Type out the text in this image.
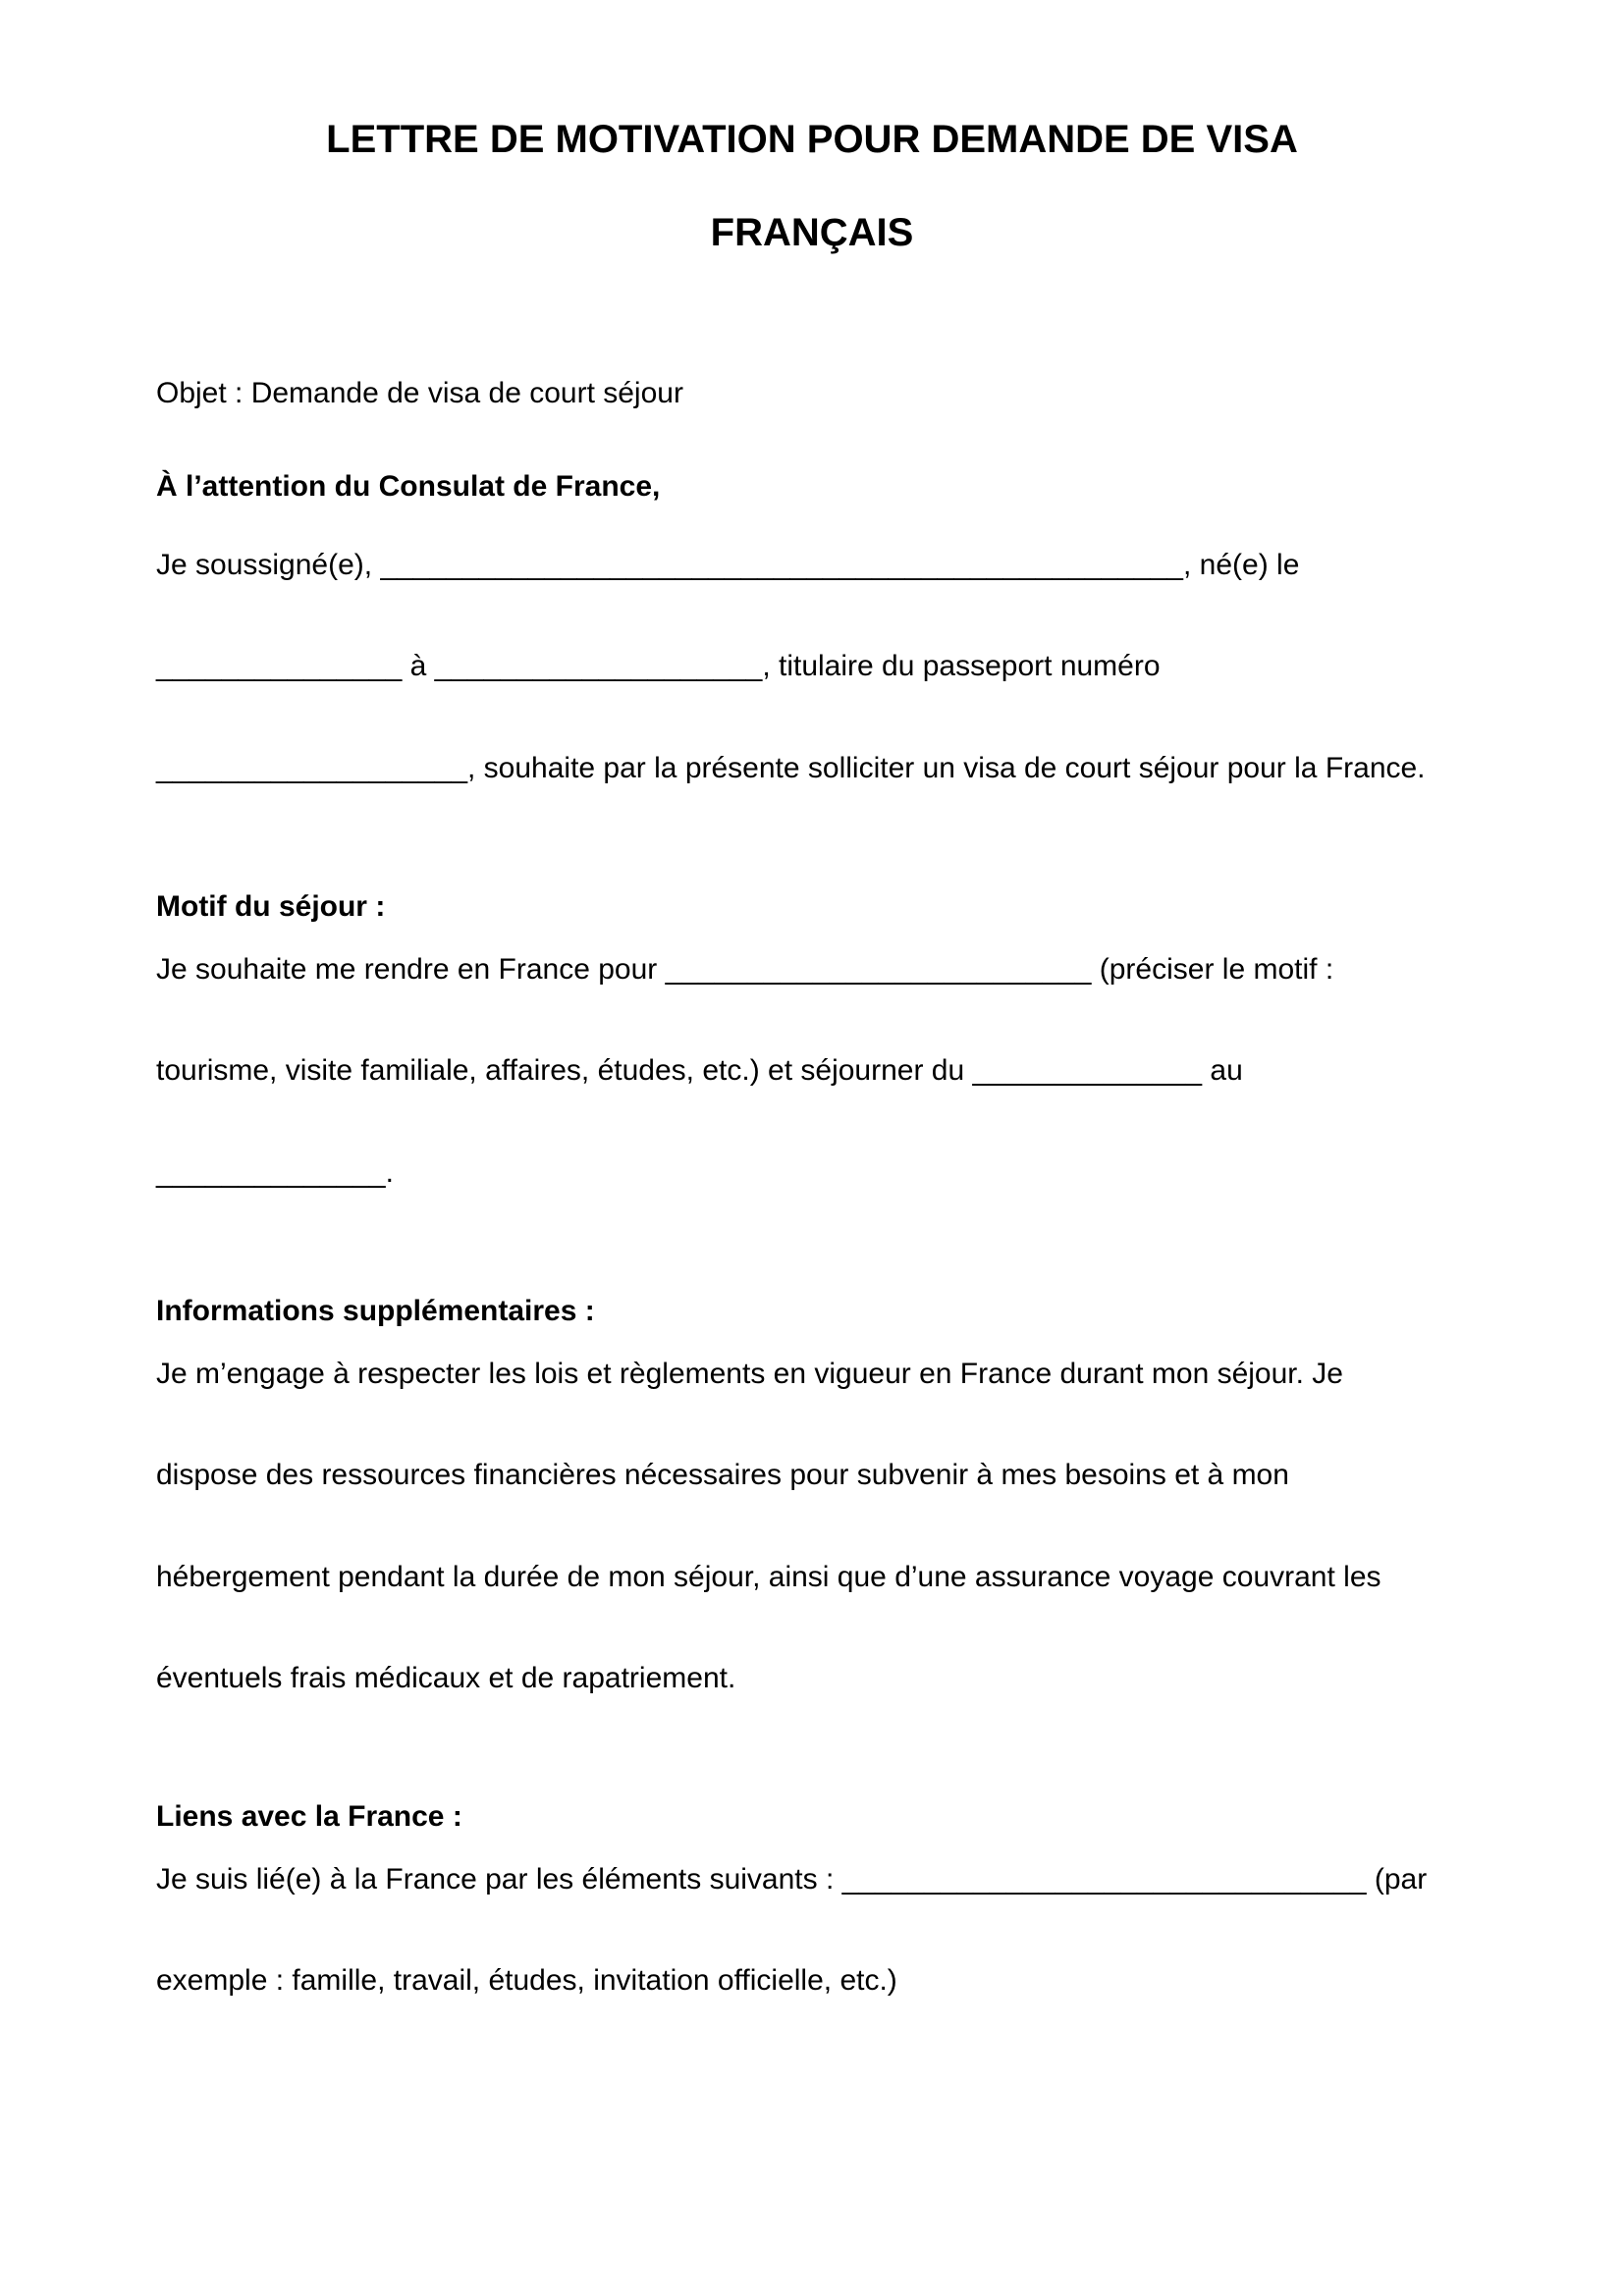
LETTRE DE MOTIVATION POUR DEMANDE DE VISA
FRANÇAIS
Objet : Demande de visa de court séjour
À l’attention du Consulat de France,
Je soussigné(e), _________________________________________________, né(e) le
_______________ à ____________________, titulaire du passeport numéro
___________________, souhaite par la présente solliciter un visa de court séjour pour la France.
Motif du séjour :
Je souhaite me rendre en France pour __________________________ (préciser le motif :
tourisme, visite familiale, affaires, études, etc.) et séjourner du ______________ au
______________.
Informations supplémentaires :
Je m’engage à respecter les lois et règlements en vigueur en France durant mon séjour. Je
dispose des ressources financières nécessaires pour subvenir à mes besoins et à mon
hébergement pendant la durée de mon séjour, ainsi que d’une assurance voyage couvrant les
éventuels frais médicaux et de rapatriement.
Liens avec la France :
Je suis lié(e) à la France par les éléments suivants : ________________________________ (par
exemple : famille, travail, études, invitation officielle, etc.)
